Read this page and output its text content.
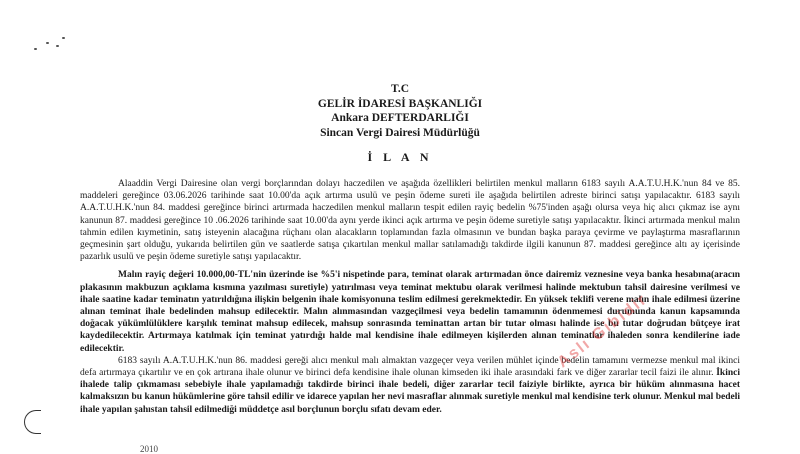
T.C
GELİR İDARESİ BAŞKANLIĞI
Ankara DEFTERDARLIĞI
Sincan Vergi Dairesi Müdürlüğü
İ L A N

Alaaddin Vergi Dairesine olan vergi borçlarından dolayı haczedilen ve aşağıda özellikleri belirtilen menkul malların 6183 sayılı A.A.T.U.H.K.'nun 84 ve 85. maddeleri gereğince 03.06.2026 tarihinde saat 10.00'da açık artırma usulü ve peşin ödeme sureti ile aşağıda belirtilen adreste birinci satışı yapılacaktır. 6183 sayılı A.A.T.U.H.K.'nun 84. maddesi gereğince birinci artırmada haczedilen menkul malların tespit edilen rayiç bedelin %75'inden aşağı olursa veya hiç alıcı çıkmaz ise aynı kanunun 87. maddesi gereğince 10 .06.2026 tarihinde saat 10.00'da aynı yerde ikinci açık artırma ve peşin ödeme suretiyle satışı yapılacaktır. İkinci artırmada menkul malın tahmin edilen kıymetinin, satış isteyenin alacağına rüçhanı olan alacakların toplamından fazla olmasının ve bundan başka paraya çevirme ve paylaştırma masraflarının geçmesinin şart olduğu, yukarıda belirtilen gün ve saatlerde satışa çıkartılan menkul mallar satılamadığı takdirde ilgili kanunun 87. maddesi gereğince altı ay içerisinde pazarlık usulü ve peşin ödeme suretiyle satışı yapılacaktır.

Malın rayiç değeri 10.000,00-TL'nin üzerinde ise %5'i nispetinde para, teminat olarak artırmadan önce dairemiz veznesine veya banka hesabına(aracın plakasının makbuzun açıklama kısmına yazılması suretiyle) yatırılması veya teminat mektubu olarak verilmesi halinde mektubun tahsil dairesine verilmesi ve ihale saatine kadar teminatın yatırıldığına ilişkin belgenin ihale komisyonuna teslim edilmesi gerekmektedir. En yüksek teklifi verene malın ihale edilmesi üzerine alınan teminat ihale bedelinden mahsup edilecektir. Malın alınmasından vazgeçilmesi veya bedelin tamamının ödenmemesi durumunda kanun kapsamında doğacak yükümlülüklere karşılık teminat mahsup edilecek, mahsup sonrasında teminattan artan bir tutar olması halinde ise bu tutar doğrudan bütçeye irat kaydedilecektir. Artırmaya katılmak için teminat yatırdığı halde mal kendisine ihale edilmeyen kişilerden alınan teminatlar ihaleden sonra kendilerine iade edilecektir.

6183 sayılı A.A.T.U.H.K.'nun 86. maddesi gereği alıcı menkul malı almaktan vazgeçer veya verilen mühlet içinde bedelin tamamını vermezse menkul mal ikinci defa artırmaya çıkartılır ve en çok artırana ihale olunur ve birinci defa kendisine ihale olunan kimseden iki ihale arasındaki fark ve diğer zararlar tecil faizi ile alınır. İkinci ihalede talip çıkmaması sebebiyle ihale yapılamadığı takdirde birinci ihale bedeli, diğer zararlar tecil faiziyle birlikte, ayrıca bir hüküm alınmasına hacet kalmaksızın bu kanun hükümlerine göre tahsil edilir ve idarece yapılan her nevi masraflar alınmak suretiyle menkul mal kendisine terk olunur. Menkul mal bedeli ihale yapılan şahıstan tahsil edilmediği müddetçe asıl borçlunun borçlu sıfatı devam eder.

Aslı Gibidir
2010
